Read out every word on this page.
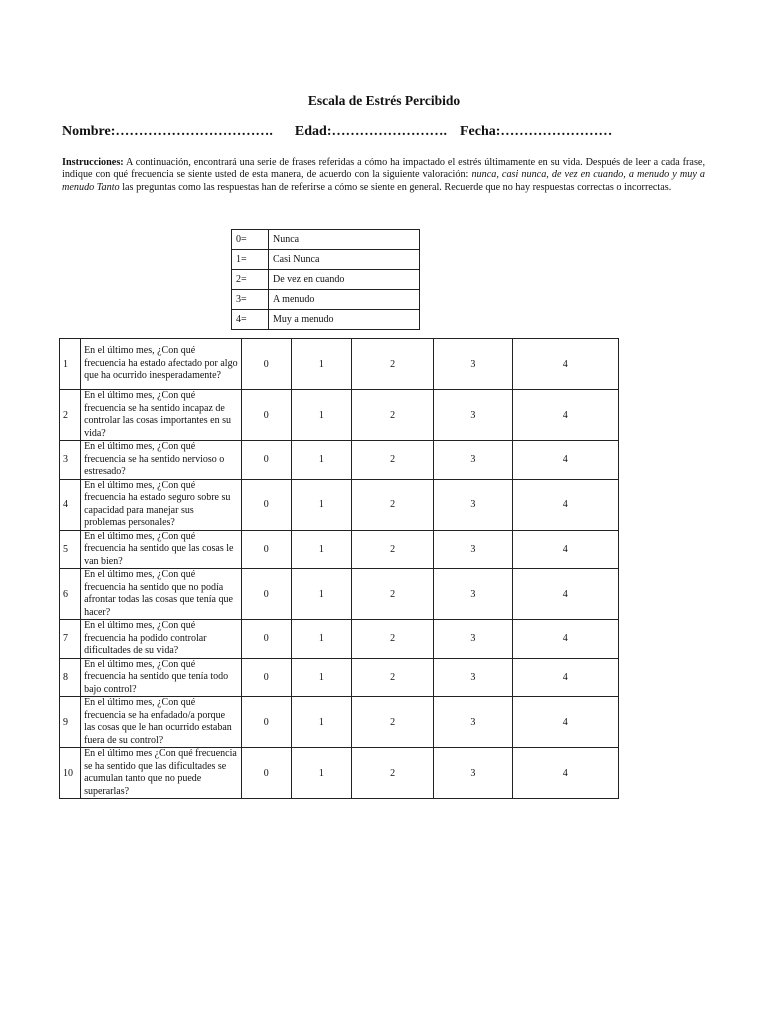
Escala de Estrés Percibido
Nombre:……………………………. Edad:……………………. Fecha:……………………
Instrucciones: A continuación, encontrará una serie de frases referidas a cómo ha impactado el estrés últimamente en su vida. Después de leer a cada frase, indique con qué frecuencia se siente usted de esta manera, de acuerdo con la siguiente valoración: nunca, casi nunca, de vez en cuando, a menudo y muy a menudo Tanto las preguntas como las respuestas han de referirse a cómo se siente en general. Recuerde que no hay respuestas correctas o incorrectas.
0=	Nunca
1=	Casi Nunca
2=	De vez en cuando
3=	A menudo
4=	Muy a menudo
1	En el último mes, ¿Con qué frecuencia ha estado afectado por algo que ha ocurrido inesperadamente?	0	1	2	3	4
2	En el último mes, ¿Con qué frecuencia se ha sentido incapaz de controlar las cosas importantes en su vida?	0	1	2	3	4
3	En el último mes, ¿Con qué frecuencia se ha sentido nervioso o estresado?	0	1	2	3	4
4	En el último mes, ¿Con qué frecuencia ha estado seguro sobre su capacidad para manejar sus problemas personales?	0	1	2	3	4
5	En el último mes, ¿Con qué frecuencia ha sentido que las cosas le van bien?	0	1	2	3	4
6	En el último mes, ¿Con qué frecuencia ha sentido que no podía afrontar todas las cosas que tenía que hacer?	0	1	2	3	4
7	En el último mes, ¿Con qué frecuencia ha podido controlar dificultades de su vida?	0	1	2	3	4
8	En el último mes, ¿Con qué frecuencia ha sentido que tenía todo bajo control?	0	1	2	3	4
9	En el último mes, ¿Con qué frecuencia se ha enfadado/a porque las cosas que le han ocurrido estaban fuera de su control?	0	1	2	3	4
10	En el último mes ¿Con qué frecuencia se ha sentido que las dificultades se acumulan tanto que no puede superarlas?	0	1	2	3	4
